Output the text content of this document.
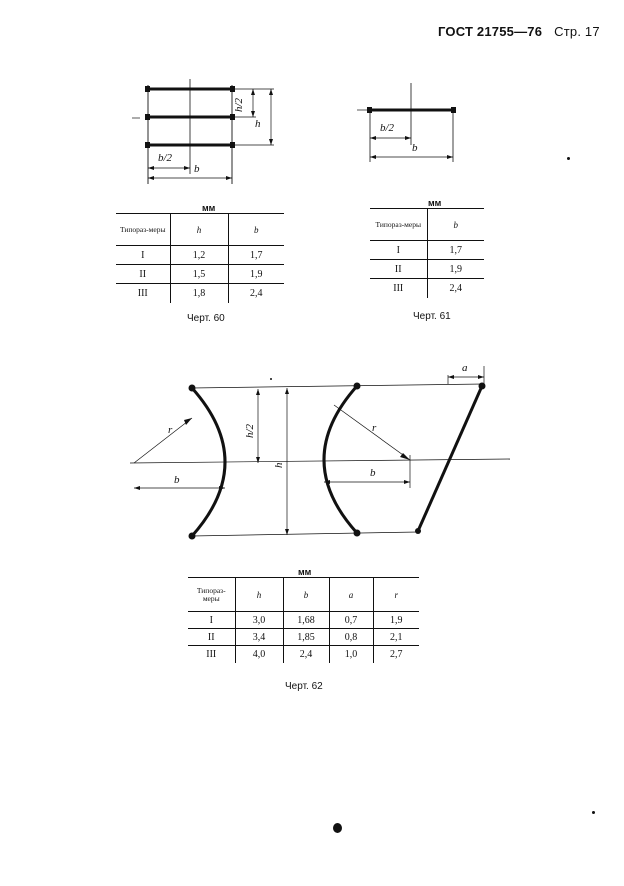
ГОСТ 21755—76 Стр. 17
h/2
h
b/2
b
мм
Типораз-меры	h	b
I	1,2	1,7
II	1,5	1,9
III	1,8	2,4
Черт. 60
b/2
b
мм
Типораз-меры	b
I	1,7
II	1,9
III	2,4
Черт. 61
a
r	r
b
b
h/2
h
мм
Типораз-меры	h	b	a	r
I	3,0	1,68	0,7	1,9
II	3,4	1,85	0,8	2,1
III	4,0	2,4	1,0	2,7
Черт. 62
